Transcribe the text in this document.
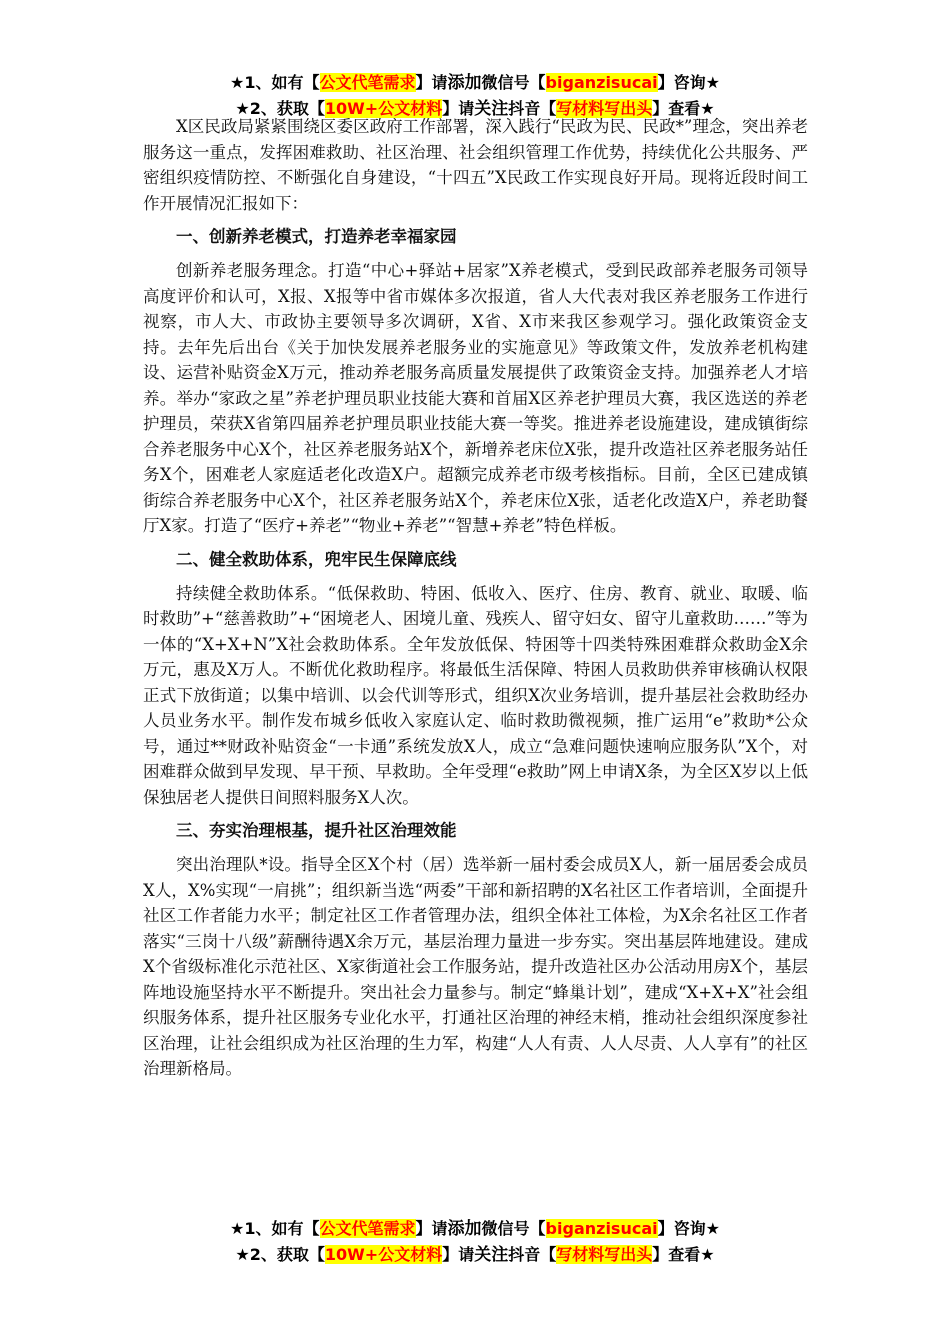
★1、如有【公文代笔需求】请添加微信号【biganzisucai】咨询★
★2、获取【10W+公文材料】请关注抖音【写材料写出头】查看★

X区民政局紧紧围绕区委区政府工作部署，深入践行“民政为民、民政*”理念，突出养老服务这一重点，发挥困难救助、社区治理、社会组织管理工作优势，持续优化公共服务、严密组织疫情防控、不断强化自身建设，“十四五”X民政工作实现良好开局。现将近段时间工作开展情况汇报如下：

一、创新养老模式，打造养老幸福家园

创新养老服务理念。打造“中心+驿站+居家”X养老模式，受到民政部养老服务司领导高度评价和认可，X报、X报等中省市媒体多次报道，省人大代表对我区养老服务工作进行视察，市人大、市政协主要领导多次调研，X省、X市来我区参观学习。强化政策资金支持。去年先后出台《关于加快发展养老服务业的实施意见》等政策文件，发放养老机构建设、运营补贴资金X万元，推动养老服务高质量发展提供了政策资金支持。加强养老人才培养。举办“家政之星”养老护理员职业技能大赛和首届X区养老护理员大赛，我区选送的养老护理员，荣获X省第四届养老护理员职业技能大赛一等奖。推进养老设施建设，建成镇街综合养老服务中心X个，社区养老服务站X个，新增养老床位X张，提升改造社区养老服务站任务X个，困难老人家庭适老化改造X户。超额完成养老市级考核指标。目前，全区已建成镇街综合养老服务中心X个，社区养老服务站X个，养老床位X张，适老化改造X户，养老助餐厅X家。打造了“医疗+养老”“物业+养老”“智慧+养老”特色样板。

二、健全救助体系，兜牢民生保障底线

持续健全救助体系。“低保救助、特困、低收入、医疗、住房、教育、就业、取暖、临时救助”+“慈善救助”+“困境老人、困境儿童、残疾人、留守妇女、留守儿童救助……”等为一体的“X+X+N”X社会救助体系。全年发放低保、特困等十四类特殊困难群众救助金X余万元，惠及X万人。不断优化救助程序。将最低生活保障、特困人员救助供养审核确认权限正式下放街道；以集中培训、以会代训等形式，组织X次业务培训，提升基层社会救助经办人员业务水平。制作发布城乡低收入家庭认定、临时救助微视频，推广运用“e”救助*公众号，通过**财政补贴资金“一卡通”系统发放X人，成立“急难问题快速响应服务队”X个，对困难群众做到早发现、早干预、早救助。全年受理“e救助”网上申请X条，为全区X岁以上低保独居老人提供日间照料服务X人次。

三、夯实治理根基，提升社区治理效能

突出治理队*设。指导全区X个村（居）选举新一届村委会成员X人，新一届居委会成员X人，X%实现“一肩挑”；组织新当选“两委”干部和新招聘的X名社区工作者培训，全面提升社区工作者能力水平；制定社区工作者管理办法，组织全体社工体检，为X余名社区工作者落实“三岗十八级”薪酬待遇X余万元，基层治理力量进一步夯实。突出基层阵地建设。建成X个省级标准化示范社区、X家街道社会工作服务站，提升改造社区办公活动用房X个，基层阵地设施坚持水平不断提升。突出社会力量参与。制定“蜂巢计划”，建成“X+X+X”社会组织服务体系，提升社区服务专业化水平，打通社区治理的神经末梢，推动社会组织深度参社区治理，让社会组织成为社区治理的生力军，构建“人人有责、人人尽责、人人享有”的社区治理新格局。

★1、如有【公文代笔需求】请添加微信号【biganzisucai】咨询★
★2、获取【10W+公文材料】请关注抖音【写材料写出头】查看★
